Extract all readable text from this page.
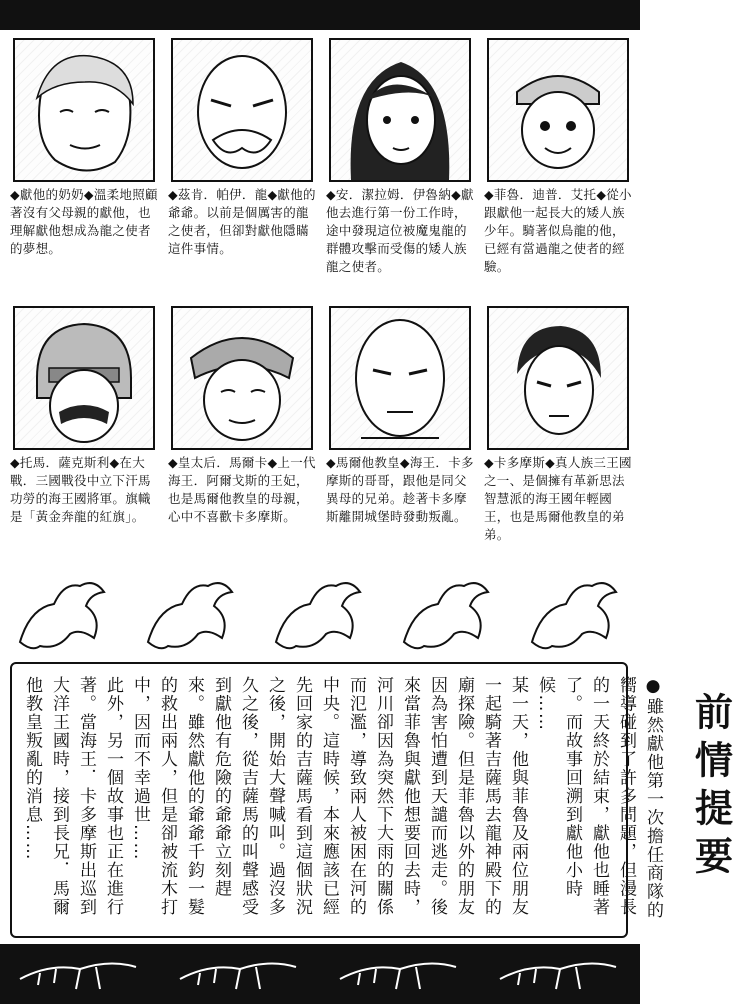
◆獻他的奶奶◆溫柔地照顧著沒有父母親的獻他，也理解獻他想成為龍之使者的夢想。
◆茲肯．帕伊．龍◆獻他的爺爺。以前是個厲害的龍之使者，但卻對獻他隱瞞這件事情。
◆安．潔拉姆．伊魯納◆獻他去進行第一份工作時，途中發現這位被魔鬼龍的群體攻擊而受傷的矮人族龍之使者。
◆菲魯．迪普．艾托◆從小跟獻他一起長大的矮人族少年。騎著似鳥龍的他，已經有當過龍之使者的經驗。
◆托馬．薩克斯利◆在大戰．三國戰役中立下汗馬功勞的海王國將軍。旗幟是「黃金奔龍的紅旗」。
◆皇太后．馬爾卡◆上一代海王．阿爾戈斯的王妃，也是馬爾他教皇的母親，心中不喜歡卡多摩斯。
◆馬爾他教皇◆海王．卡多摩斯的哥哥，跟他是同父異母的兄弟。趁著卡多摩斯離開城堡時發動叛亂。
◆卡多摩斯◆真人族三王國之一、是個擁有革新思法智慧派的海王國年輕國王，也是馬爾他教皇的弟弟。

●雖然獻他第一次擔任商隊的嚮導碰到了許多問題，但漫長的一天終於結束，獻他也睡著了。而故事回溯到獻他小時候……

某一天，他與菲魯及兩位朋友一起騎著吉薩馬去龍神殿下的廟探險。但是菲魯以外的朋友因為害怕遭到天譴而逃走。後來當菲魯與獻他想要回去時，河川卻因為突然下大雨的關係而氾濫，導致兩人被困在河的中央。這時候，本來應該已經先回家的吉薩馬看到這個狀況之後，開始大聲喊叫。過沒多久之後，從吉薩馬的叫聲感受到獻他有危險的爺爺立刻趕來。雖然獻他的爺爺千鈞一髮的救出兩人，但是卻被流木打中，因而不幸過世……

此外，另一個故事也正在進行著。當海王．卡多摩斯出巡到大洋王國時，接到長兄．馬爾他教皇叛亂的消息……	前情提要
